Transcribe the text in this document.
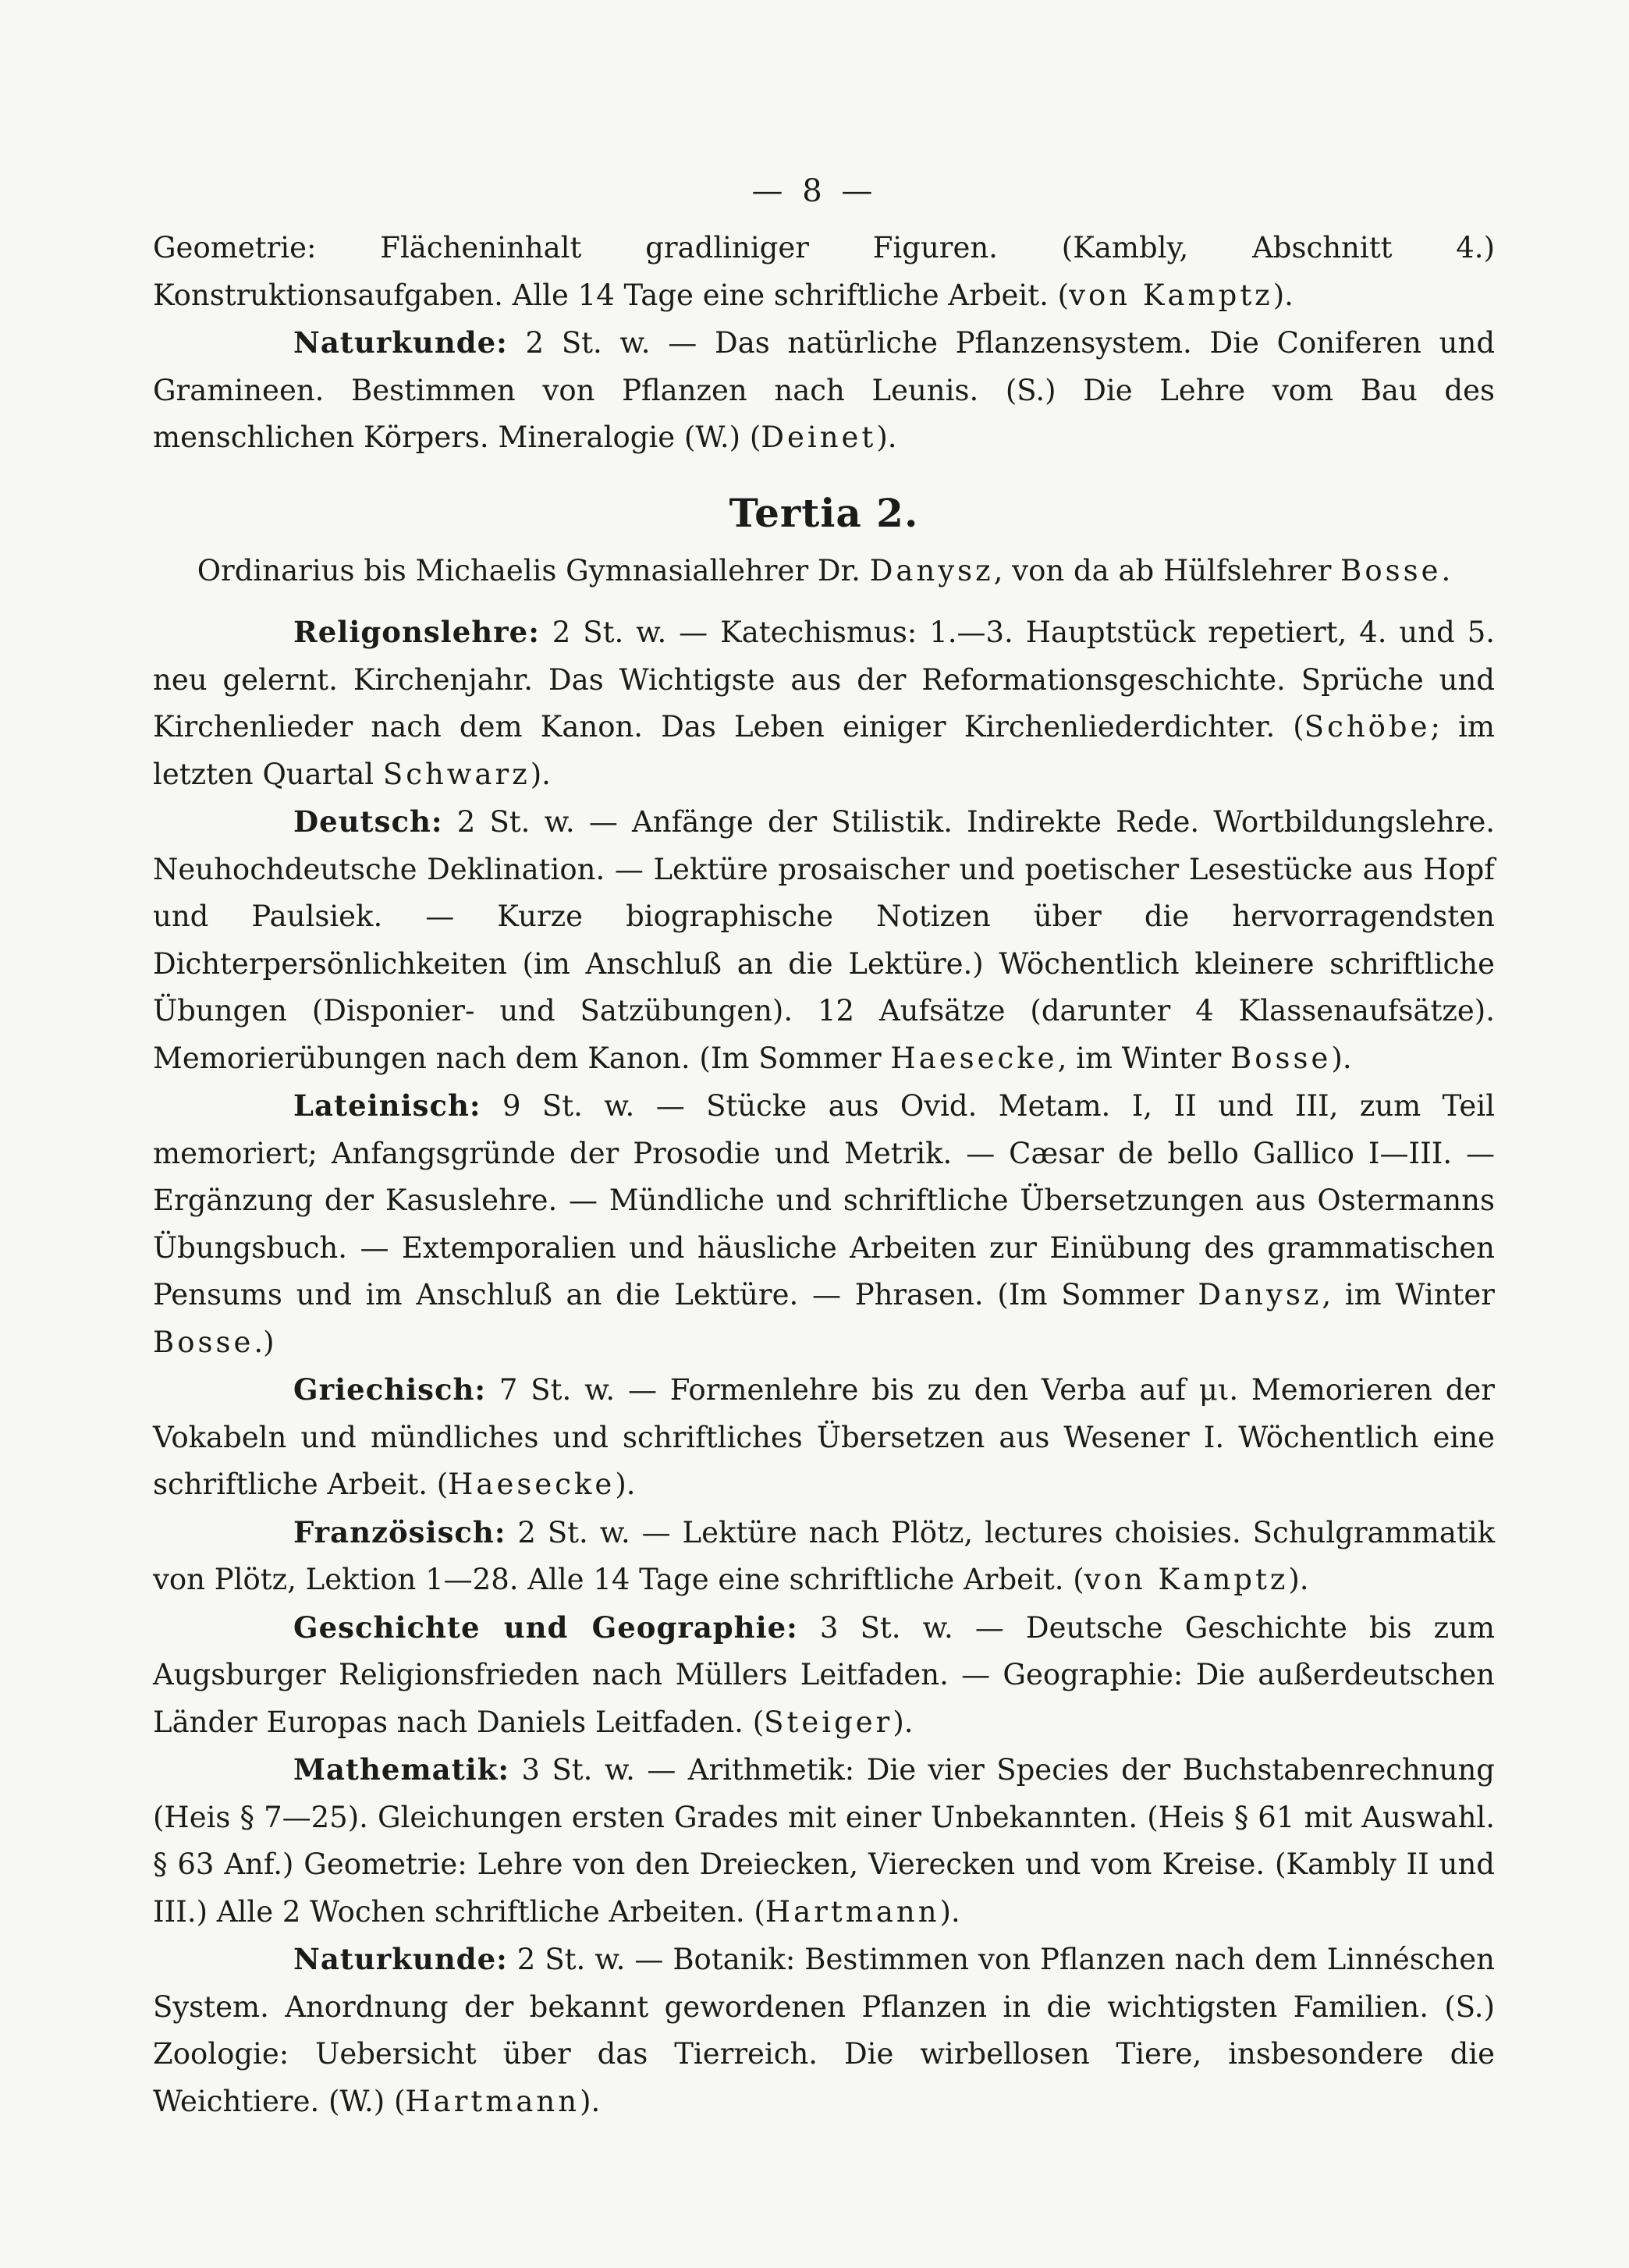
— 8 —

Geometrie: Flächeninhalt gradliniger Figuren. (Kambly, Abschnitt 4.) Konstruktionsaufgaben. Alle 14 Tage eine schriftliche Arbeit. (von Kamptz).

Naturkunde: 2 St. w. — Das natürliche Pflanzensystem. Die Coniferen und Gramineen. Bestimmen von Pflanzen nach Leunis. (S.) Die Lehre vom Bau des menschlichen Körpers. Mineralogie (W.) (Deinet).

Tertia 2.

Ordinarius bis Michaelis Gymnasiallehrer Dr. Danysz, von da ab Hülfslehrer Bosse.

Religonslehre: 2 St. w. — Katechismus: 1.—3. Hauptstück repetiert, 4. und 5. neu gelernt. Kirchenjahr. Das Wichtigste aus der Reformationsgeschichte. Sprüche und Kirchenlieder nach dem Kanon. Das Leben einiger Kirchenliederdichter. (Schöbe; im letzten Quartal Schwarz).

Deutsch: 2 St. w. — Anfänge der Stilistik. Indirekte Rede. Wortbildungslehre. Neuhochdeutsche Deklination. — Lektüre prosaischer und poetischer Lesestücke aus Hopf und Paulsiek. — Kurze biographische Notizen über die hervorragendsten Dichterpersönlichkeiten (im Anschluß an die Lektüre.) Wöchentlich kleinere schriftliche Übungen (Disponier- und Satzübungen). 12 Aufsätze (darunter 4 Klassenaufsätze). Memorierübungen nach dem Kanon. (Im Sommer Haesecke, im Winter Bosse).

Lateinisch: 9 St. w. — Stücke aus Ovid. Metam. I, II und III, zum Teil memoriert; Anfangsgründe der Prosodie und Metrik. — Cæsar de bello Gallico I—III. — Ergänzung der Kasuslehre. — Mündliche und schriftliche Übersetzungen aus Ostermanns Übungsbuch. — Extemporalien und häusliche Arbeiten zur Einübung des grammatischen Pensums und im Anschluß an die Lektüre. — Phrasen. (Im Sommer Danysz, im Winter Bosse.)

Griechisch: 7 St. w. — Formenlehre bis zu den Verba auf μι. Memorieren der Vokabeln und mündliches und schriftliches Übersetzen aus Wesener I. Wöchentlich eine schriftliche Arbeit. (Haesecke).

Französisch: 2 St. w. — Lektüre nach Plötz, lectures choisies. Schulgrammatik von Plötz, Lektion 1—28. Alle 14 Tage eine schriftliche Arbeit. (von Kamptz).

Geschichte und Geographie: 3 St. w. — Deutsche Geschichte bis zum Augsburger Religionsfrieden nach Müllers Leitfaden. — Geographie: Die außerdeutschen Länder Europas nach Daniels Leitfaden. (Steiger).

Mathematik: 3 St. w. — Arithmetik: Die vier Species der Buchstabenrechnung (Heis § 7—25). Gleichungen ersten Grades mit einer Unbekannten. (Heis § 61 mit Auswahl. § 63 Anf.) Geometrie: Lehre von den Dreiecken, Vierecken und vom Kreise. (Kambly II und III.) Alle 2 Wochen schriftliche Arbeiten. (Hartmann).

Naturkunde: 2 St. w. — Botanik: Bestimmen von Pflanzen nach dem Linnéschen System. Anordnung der bekannt gewordenen Pflanzen in die wichtigsten Familien. (S.) Zoologie: Uebersicht über das Tierreich. Die wirbellosen Tiere, insbesondere die Weichtiere. (W.) (Hartmann).
